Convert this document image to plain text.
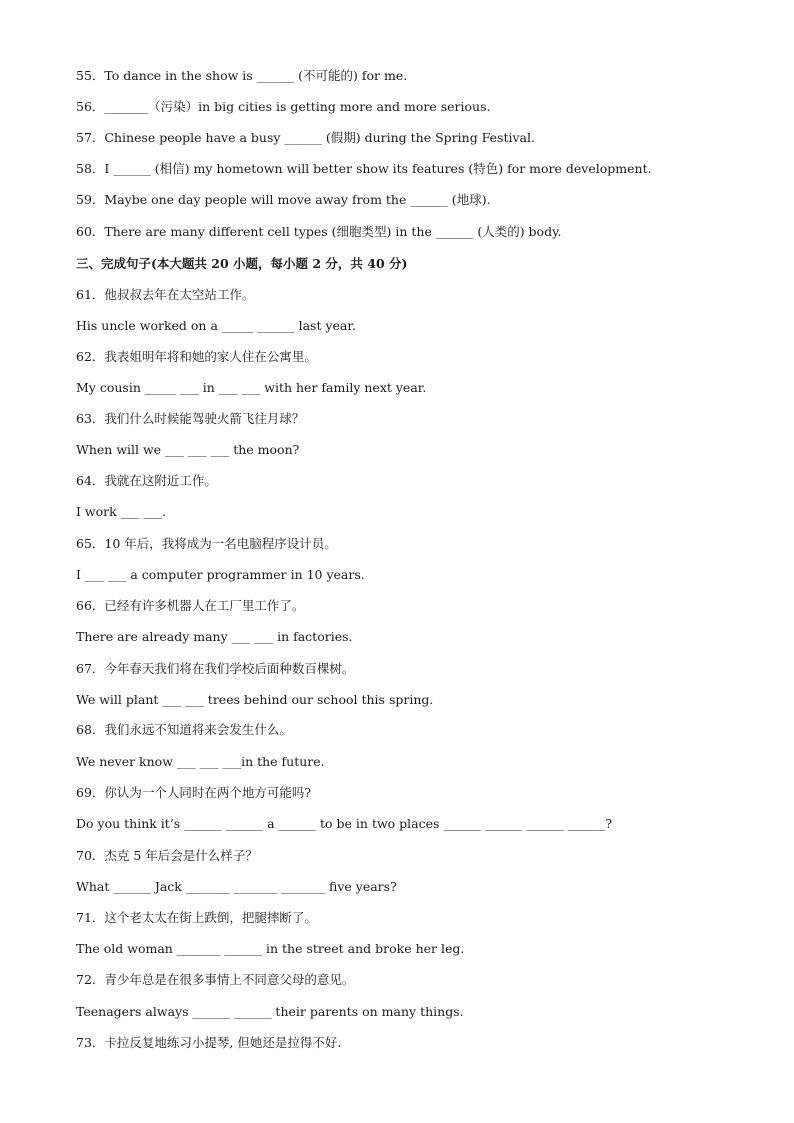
55．To dance in the show is ______ (不可能的) for me.
56．_______（污染）in big cities is getting more and more serious.
57．Chinese people have a busy ______ (假期) during the Spring Festival.
58．I ______ (相信) my hometown will better show its features (特色) for more development.
59．Maybe one day people will move away from the ______ (地球).
60．There are many different cell types (细胞类型) in the ______ (人类的) body.
三、完成句子(本大题共 20 小题，每小题 2 分，共 40 分)
61．他叔叔去年在太空站工作。
His uncle worked on a _____ ______ last year.
62．我表姐明年将和她的家人住在公寓里。
My cousin _____ ___ in ___ ___ with her family next year.
63．我们什么时候能驾驶火箭飞往月球？
When will we ___ ___ ___ the moon?
64．我就在这附近工作。
I work ___ ___.
65．10 年后，我将成为一名电脑程序设计员。
I ___ ___ a computer programmer in 10 years.
66．已经有许多机器人在工厂里工作了。
There are already many ___ ___ in factories.
67．今年春天我们将在我们学校后面种数百棵树。
We will plant ___ ___ trees behind our school this spring.
68．我们永远不知道将来会发生什么。
We never know ___ ___ ___in the future.
69．你认为一个人同时在两个地方可能吗?
Do you think it’s ______ ______ a ______ to be in two places ______ ______ ______ ______?
70．杰克 5 年后会是什么样子？
What ______ Jack _______ _______ _______ five years?
71．这个老太太在街上跌倒，把腿摔断了。
The old woman _______ ______ in the street and broke her leg.
72．青少年总是在很多事情上不同意父母的意见。
Teenagers always ______ ______ their parents on many things.
73．卡拉反复地练习小提琴, 但她还是拉得不好.
